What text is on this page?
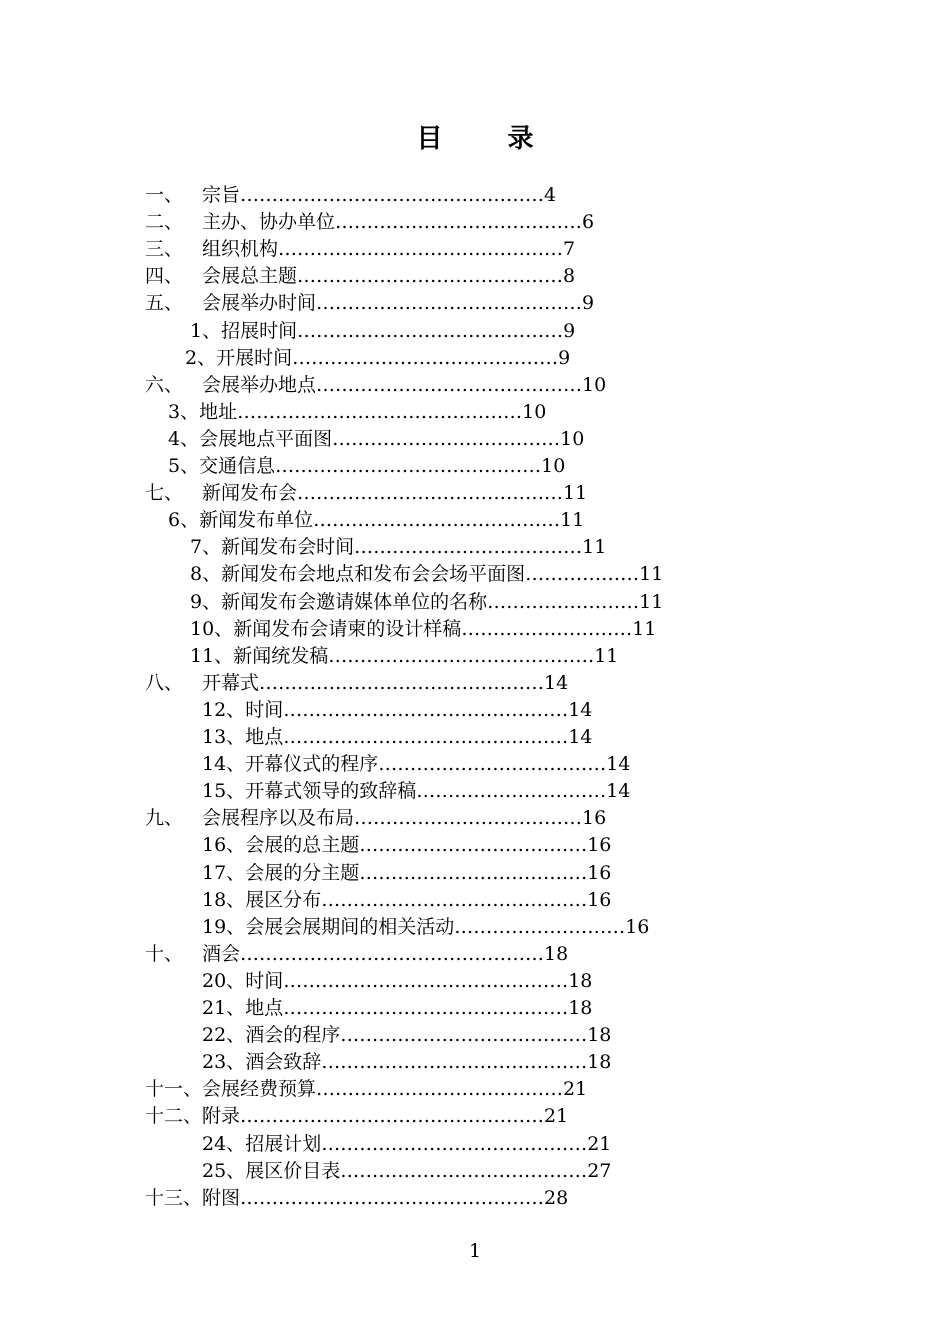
目 录
一、 宗旨…………………………………………4
二、 主办、协办单位…………………………………6
三、 组织机构………………………………………7
四、 会展总主题……………………………………8
五、 会展举办时间……………………………………9
1、招展时间……………………………………9
2、开展时间……………………………………9
六、 会展举办地点……………………………………10
3、地址………………………………………10
4、会展地点平面图………………………………10
5、交通信息……………………………………10
七、 新闻发布会……………………………………11
6、新闻发布单位…………………………………11
7、新闻发布会时间………………………………11
8、新闻发布会地点和发布会会场平面图………………11
9、新闻发布会邀请媒体单位的名称……………………11
10、新闻发布会请柬的设计样稿………………………11
11、新闻统发稿……………………………………11
八、 开幕式………………………………………14
12、时间………………………………………14
13、地点………………………………………14
14、开幕仪式的程序………………………………14
15、开幕式领导的致辞稿…………………………14
九、 会展程序以及布局………………………………16
16、会展的总主题………………………………16
17、会展的分主题………………………………16
18、展区分布……………………………………16
19、会展会展期间的相关活动………………………16
十、 酒会…………………………………………18
20、时间………………………………………18
21、地点………………………………………18
22、酒会的程序…………………………………18
23、酒会致辞……………………………………18
十一、会展经费预算…………………………………21
十二、附录…………………………………………21
24、招展计划……………………………………21
25、展区价目表…………………………………27
十三、附图…………………………………………28
1
